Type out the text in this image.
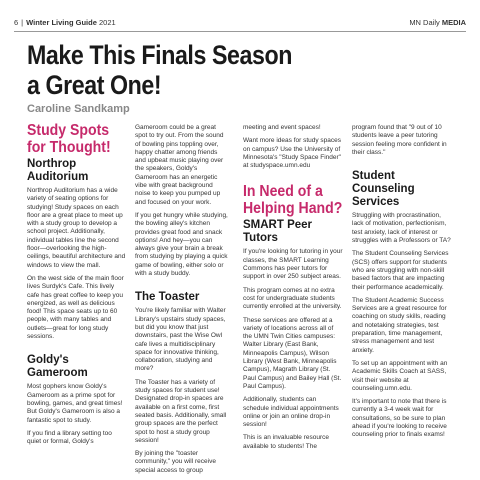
6 | Winter Living Guide 2021	MN Daily MEDIA
Make This Finals Season
a Great One!
Caroline Sandkamp
Study Spots
for Thought!
Northrop
Auditorium

Northrop Auditorium has a wide variety of seating options for studying! Study spaces on each floor are a great place to meet up with a study group to develop a school project. Additionally, individual tables line the second floor—overlooking the high-ceilings, beautiful architecture and windows to view the mall.

On the west side of the main floor lives Surdyk's Cafe. This lively cafe has great coffee to keep you energized, as well as delicious food! This space seats up to 60 people, with many tables and outlets—great for long study sessions.

Goldy's
Gameroom

Most gophers know Goldy's Gameroom as a prime spot for bowling, games, and great times! But Goldy's Gameroom is also a fantastic spot to study.

If you find a library setting too quiet or formal, Goldy's

Gameroom could be a great spot to try out. From the sound of bowling pins toppling over, happy chatter among friends and upbeat music playing over the speakers, Goldy's Gameroom has an energetic vibe with great background noise to keep you pumped up and focused on your work.

If you get hungry while studying, the bowling alley's kitchen provides great food and snack options! And hey—you can always give your brain a break from studying by playing a quick game of bowling, either solo or with a study buddy.

The Toaster

You're likely familiar with Walter Library's upstairs study spaces, but did you know that just downstairs, past the Wise Owl cafe lives a multidisciplinary space for innovative thinking, collaboration, studying and more?

The Toaster has a variety of study spaces for student use! Designated drop-in spaces are available on a first come, first seated basis. Additionally, small group spaces are the perfect spot to host a study group session!

By joining the "toaster community," you will receive special access to group

meeting and event spaces!

Want more ideas for study spaces on campus? Use the University of Minnesota's "Study Space Finder" at studyspace.umn.edu

In Need of a
Helping Hand?
SMART Peer
Tutors

If you're looking for tutoring in your classes, the SMART Learning Commons has peer tutors for support in over 250 subject areas.

This program comes at no extra cost for undergraduate students currently enrolled at the university.

These services are offered at a variety of locations across all of the UMN Twin Cities campuses: Walter Library (East Bank, Minneapolis Campus), Wilson Library (West Bank, Minneapolis Campus), Magrath Library (St. Paul Campus) and Bailey Hall (St. Paul Campus).

Additionally, students can schedule individual appointments online or join an online drop-in session!

This is an invaluable resource available to students! The

program found that "9 out of 10 students leave a peer tutoring session feeling more confident in their class."

Student
Counseling
Services

Struggling with procrastination, lack of motivation, perfectionism, test anxiety, lack of interest or struggles with a Professors or TA?

The Student Counseling Services (SCS) offers support for students who are struggling with non-skill based factors that are impacting their performance academically.

The Student Academic Success Services are a great resource for coaching on study skills, reading and notetaking strategies, test preparation, time management, stress management and test anxiety.

To set up an appointment with an Academic Skills Coach at SASS, visit their website at counseling.umn.edu.

It's important to note that there is currently a 3-4 week wait for consultations, so be sure to plan ahead if you're looking to receive counseling prior to finals exams!
